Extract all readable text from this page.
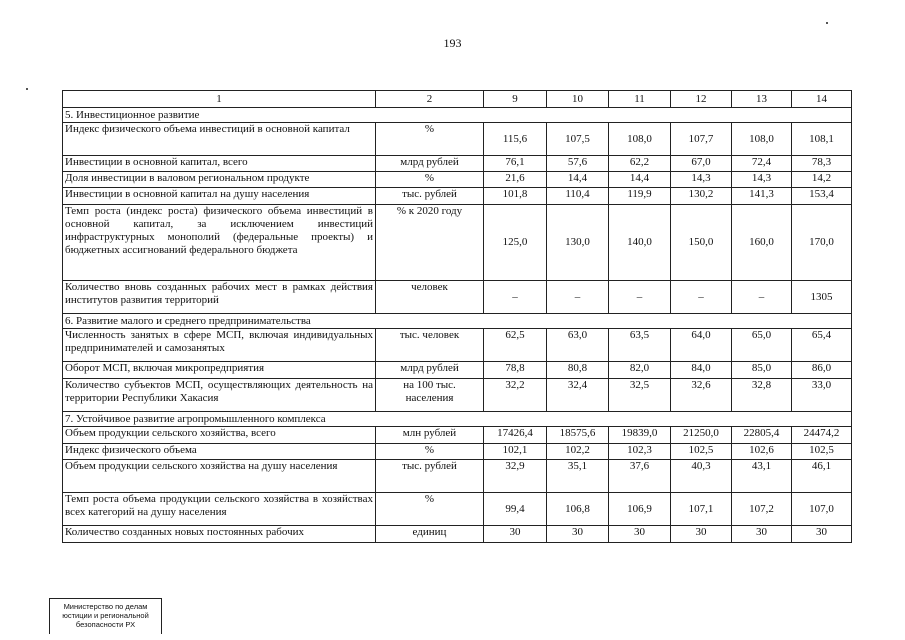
193
1	2	9	10	11	12	13	14
5. Инвестиционное развитие							
Индекс физического объема инвестиций в основной капитал	%	115,6	107,5	108,0	107,7	108,0	108,1
Инвестиции в основной капитал, всего	млрд рублей	76,1	57,6	62,2	67,0	72,4	78,3
Доля инвестиции в валовом региональном продукте	%	21,6	14,4	14,4	14,3	14,3	14,2
Инвестиции в основной капитал на душу населения	тыс. рублей	101,8	110,4	119,9	130,2	141,3	153,4
Темп роста (индекс роста) физического объема инвестиций в основной капитал, за исключением инвестиций инфраструктурных монополий (федеральные проекты) и бюджетных ассигнований федерального бюджета	% к 2020 году	125,0	130,0	140,0	150,0	160,0	170,0
Количество вновь созданных рабочих мест в рамках действия институтов развития территорий	человек	–	–	–	–	–	1305
6. Развитие малого и среднего предпринимательства							
Численность занятых в сфере МСП, включая индивидуальных предпринимателей и самозанятых	тыс. человек	62,5	63,0	63,5	64,0	65,0	65,4
Оборот МСП, включая микропредприятия	млрд рублей	78,8	80,8	82,0	84,0	85,0	86,0
Количество субъектов МСП, осуществляющих деятельность на территории Республики Хакасия	на 100 тыс. населения	32,2	32,4	32,5	32,6	32,8	33,0
7. Устойчивое развитие агропромышленного комплекса							
Объем продукции сельского хозяйства, всего	млн рублей	17426,4	18575,6	19839,0	21250,0	22805,4	24474,2
Индекс физического объема	%	102,1	102,2	102,3	102,5	102,6	102,5
Объем продукции сельского хозяйства на душу населения	тыс. рублей	32,9	35,1	37,6	40,3	43,1	46,1
Темп роста объема продукции сельского хозяйства в хозяйствах всех категорий на душу населения	%	99,4	106,8	106,9	107,1	107,2	107,0
Количество созданных новых постоянных рабочих	единиц	30	30	30	30	30	30
Министерство по делам
юстиции и региональной
безопасности РХ
